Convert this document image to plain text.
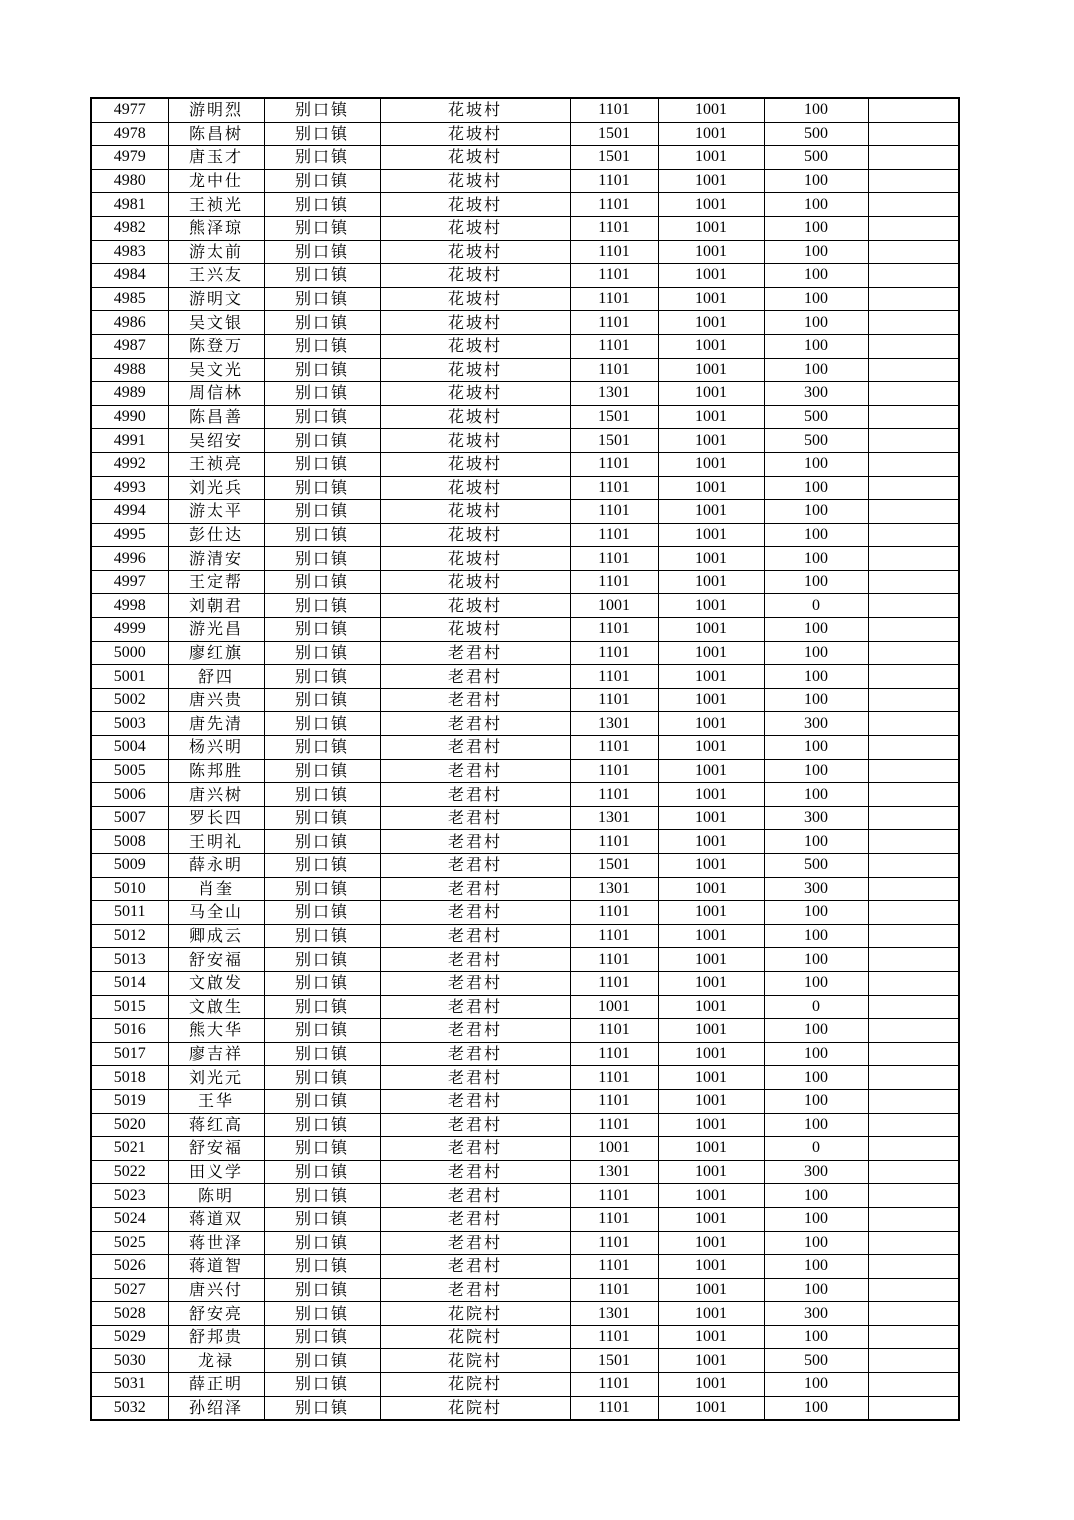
4977	游明烈	别口镇	花坡村	1101	1001	100	
4978	陈昌树	别口镇	花坡村	1501	1001	500	
4979	唐玉才	别口镇	花坡村	1501	1001	500	
4980	龙中仕	别口镇	花坡村	1101	1001	100	
4981	王祯光	别口镇	花坡村	1101	1001	100	
4982	熊泽琼	别口镇	花坡村	1101	1001	100	
4983	游太前	别口镇	花坡村	1101	1001	100	
4984	王兴友	别口镇	花坡村	1101	1001	100	
4985	游明文	别口镇	花坡村	1101	1001	100	
4986	吴文银	别口镇	花坡村	1101	1001	100	
4987	陈登万	别口镇	花坡村	1101	1001	100	
4988	吴文光	别口镇	花坡村	1101	1001	100	
4989	周信林	别口镇	花坡村	1301	1001	300	
4990	陈昌善	别口镇	花坡村	1501	1001	500	
4991	吴绍安	别口镇	花坡村	1501	1001	500	
4992	王祯亮	别口镇	花坡村	1101	1001	100	
4993	刘光兵	别口镇	花坡村	1101	1001	100	
4994	游太平	别口镇	花坡村	1101	1001	100	
4995	彭仕达	别口镇	花坡村	1101	1001	100	
4996	游清安	别口镇	花坡村	1101	1001	100	
4997	王定帮	别口镇	花坡村	1101	1001	100	
4998	刘朝君	别口镇	花坡村	1001	1001	0	
4999	游光昌	别口镇	花坡村	1101	1001	100	
5000	廖红旗	别口镇	老君村	1101	1001	100	
5001	舒四	别口镇	老君村	1101	1001	100	
5002	唐兴贵	别口镇	老君村	1101	1001	100	
5003	唐先清	别口镇	老君村	1301	1001	300	
5004	杨兴明	别口镇	老君村	1101	1001	100	
5005	陈邦胜	别口镇	老君村	1101	1001	100	
5006	唐兴树	别口镇	老君村	1101	1001	100	
5007	罗长四	别口镇	老君村	1301	1001	300	
5008	王明礼	别口镇	老君村	1101	1001	100	
5009	薛永明	别口镇	老君村	1501	1001	500	
5010	肖奎	别口镇	老君村	1301	1001	300	
5011	马全山	别口镇	老君村	1101	1001	100	
5012	卿成云	别口镇	老君村	1101	1001	100	
5013	舒安福	别口镇	老君村	1101	1001	100	
5014	文啟发	别口镇	老君村	1101	1001	100	
5015	文啟生	别口镇	老君村	1001	1001	0	
5016	熊大华	别口镇	老君村	1101	1001	100	
5017	廖吉祥	别口镇	老君村	1101	1001	100	
5018	刘光元	别口镇	老君村	1101	1001	100	
5019	王华	别口镇	老君村	1101	1001	100	
5020	蒋红高	别口镇	老君村	1101	1001	100	
5021	舒安福	别口镇	老君村	1001	1001	0	
5022	田义学	别口镇	老君村	1301	1001	300	
5023	陈明	别口镇	老君村	1101	1001	100	
5024	蒋道双	别口镇	老君村	1101	1001	100	
5025	蒋世泽	别口镇	老君村	1101	1001	100	
5026	蒋道智	别口镇	老君村	1101	1001	100	
5027	唐兴付	别口镇	老君村	1101	1001	100	
5028	舒安亮	别口镇	花院村	1301	1001	300	
5029	舒邦贵	别口镇	花院村	1101	1001	100	
5030	龙禄	别口镇	花院村	1501	1001	500	
5031	薛正明	别口镇	花院村	1101	1001	100	
5032	孙绍泽	别口镇	花院村	1101	1001	100	
